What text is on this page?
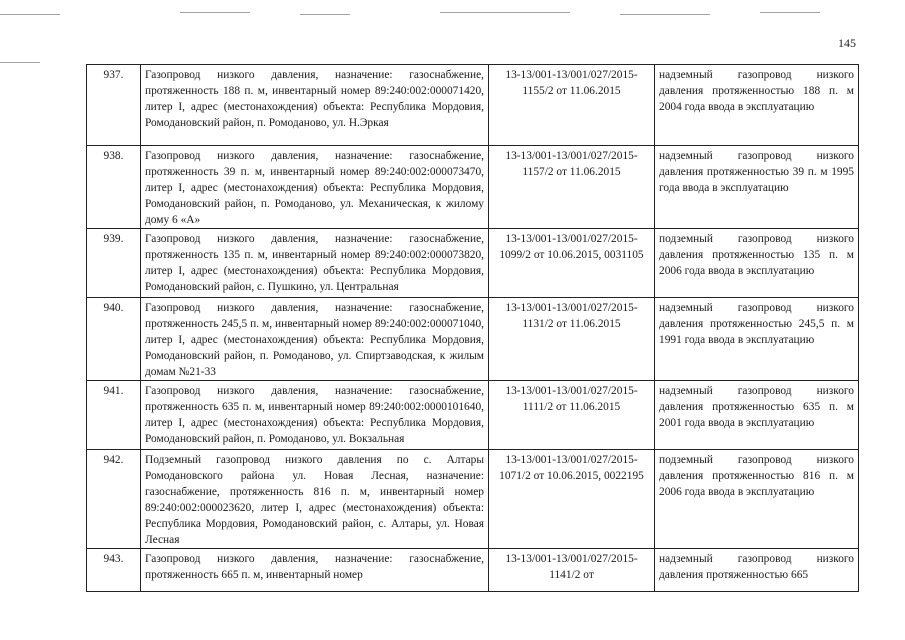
145
937.	Газопровод низкого давления, назначение: газоснабжение, протяженность 188 п. м, инвентарный номер 89:240:002:000071420, литер I, адрес (местонахождения) объекта: Республика Мордовия, Ромодановский район, п. Ромоданово, ул. Н.Эркая	13-13/001-13/001/027/2015-1155/2 от 11.06.2015	надземный газопровод низкого давления протяженностью 188 п. м 2004 года ввода в эксплуатацию
938.	Газопровод низкого давления, назначение: газоснабжение, протяженность 39 п. м, инвентарный номер 89:240:002:000073470, литер I, адрес (местонахождения) объекта: Республика Мордовия, Ромодановский район, п. Ромоданово, ул. Механическая, к жилому дому 6 «А»	13-13/001-13/001/027/2015-1157/2 от 11.06.2015	надземный газопровод низкого давления протяженностью 39 п. м 1995 года ввода в эксплуатацию
939.	Газопровод низкого давления, назначение: газоснабжение, протяженность 135 п. м, инвентарный номер 89:240:002:000073820, литер I, адрес (местонахождения) объекта: Республика Мордовия, Ромодановский район, с. Пушкино, ул. Центральная	13-13/001-13/001/027/2015-1099/2 от 10.06.2015, 0031105	подземный газопровод низкого давления протяженностью 135 п. м 2006 года ввода в эксплуатацию
940.	Газопровод низкого давления, назначение: газоснабжение, протяженность 245,5 п. м, инвентарный номер 89:240:002:000071040, литер I, адрес (местонахождения) объекта: Республика Мордовия, Ромодановский район, п. Ромоданово, ул. Спиртзаводская, к жилым домам №21-33	13-13/001-13/001/027/2015-1131/2 от 11.06.2015	надземный газопровод низкого давления протяженностью 245,5 п. м 1991 года ввода в эксплуатацию
941.	Газопровод низкого давления, назначение: газоснабжение, протяженность 635 п. м, инвентарный номер 89:240:002:0000101640, литер I, адрес (местонахождения) объекта: Республика Мордовия, Ромодановский район, п. Ромоданово, ул. Вокзальная	13-13/001-13/001/027/2015-1111/2 от 11.06.2015	надземный газопровод низкого давления протяженностью 635 п. м 2001 года ввода в эксплуатацию
942.	Подземный газопровод низкого давления по с. Алтары Ромодановского района ул. Новая Лесная, назначение: газоснабжение, протяженность 816 п. м, инвентарный номер 89:240:002:000023620, литер I, адрес (местонахождения) объекта: Республика Мордовия, Ромодановский район, с. Алтары, ул. Новая Лесная	13-13/001-13/001/027/2015-1071/2 от 10.06.2015, 0022195	подземный газопровод низкого давления протяженностью 816 п. м 2006 года ввода в эксплуатацию
943.	Газопровод низкого давления, назначение: газоснабжение, протяженность 665 п. м, инвентарный номер	13-13/001-13/001/027/2015-1141/2 от	надземный газопровод низкого давления протяженностью 665
